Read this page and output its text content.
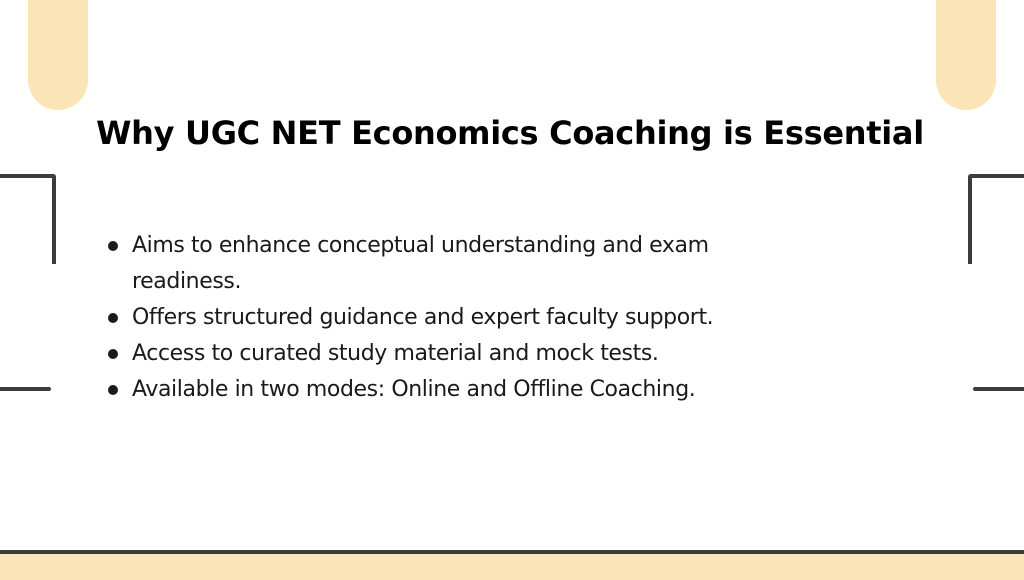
Why UGC NET Economics Coaching is Essential
Aims to enhance conceptual understanding and exam readiness.
Offers structured guidance and expert faculty support.
Access to curated study material and mock tests.
Available in two modes: Online and Offline Coaching.
